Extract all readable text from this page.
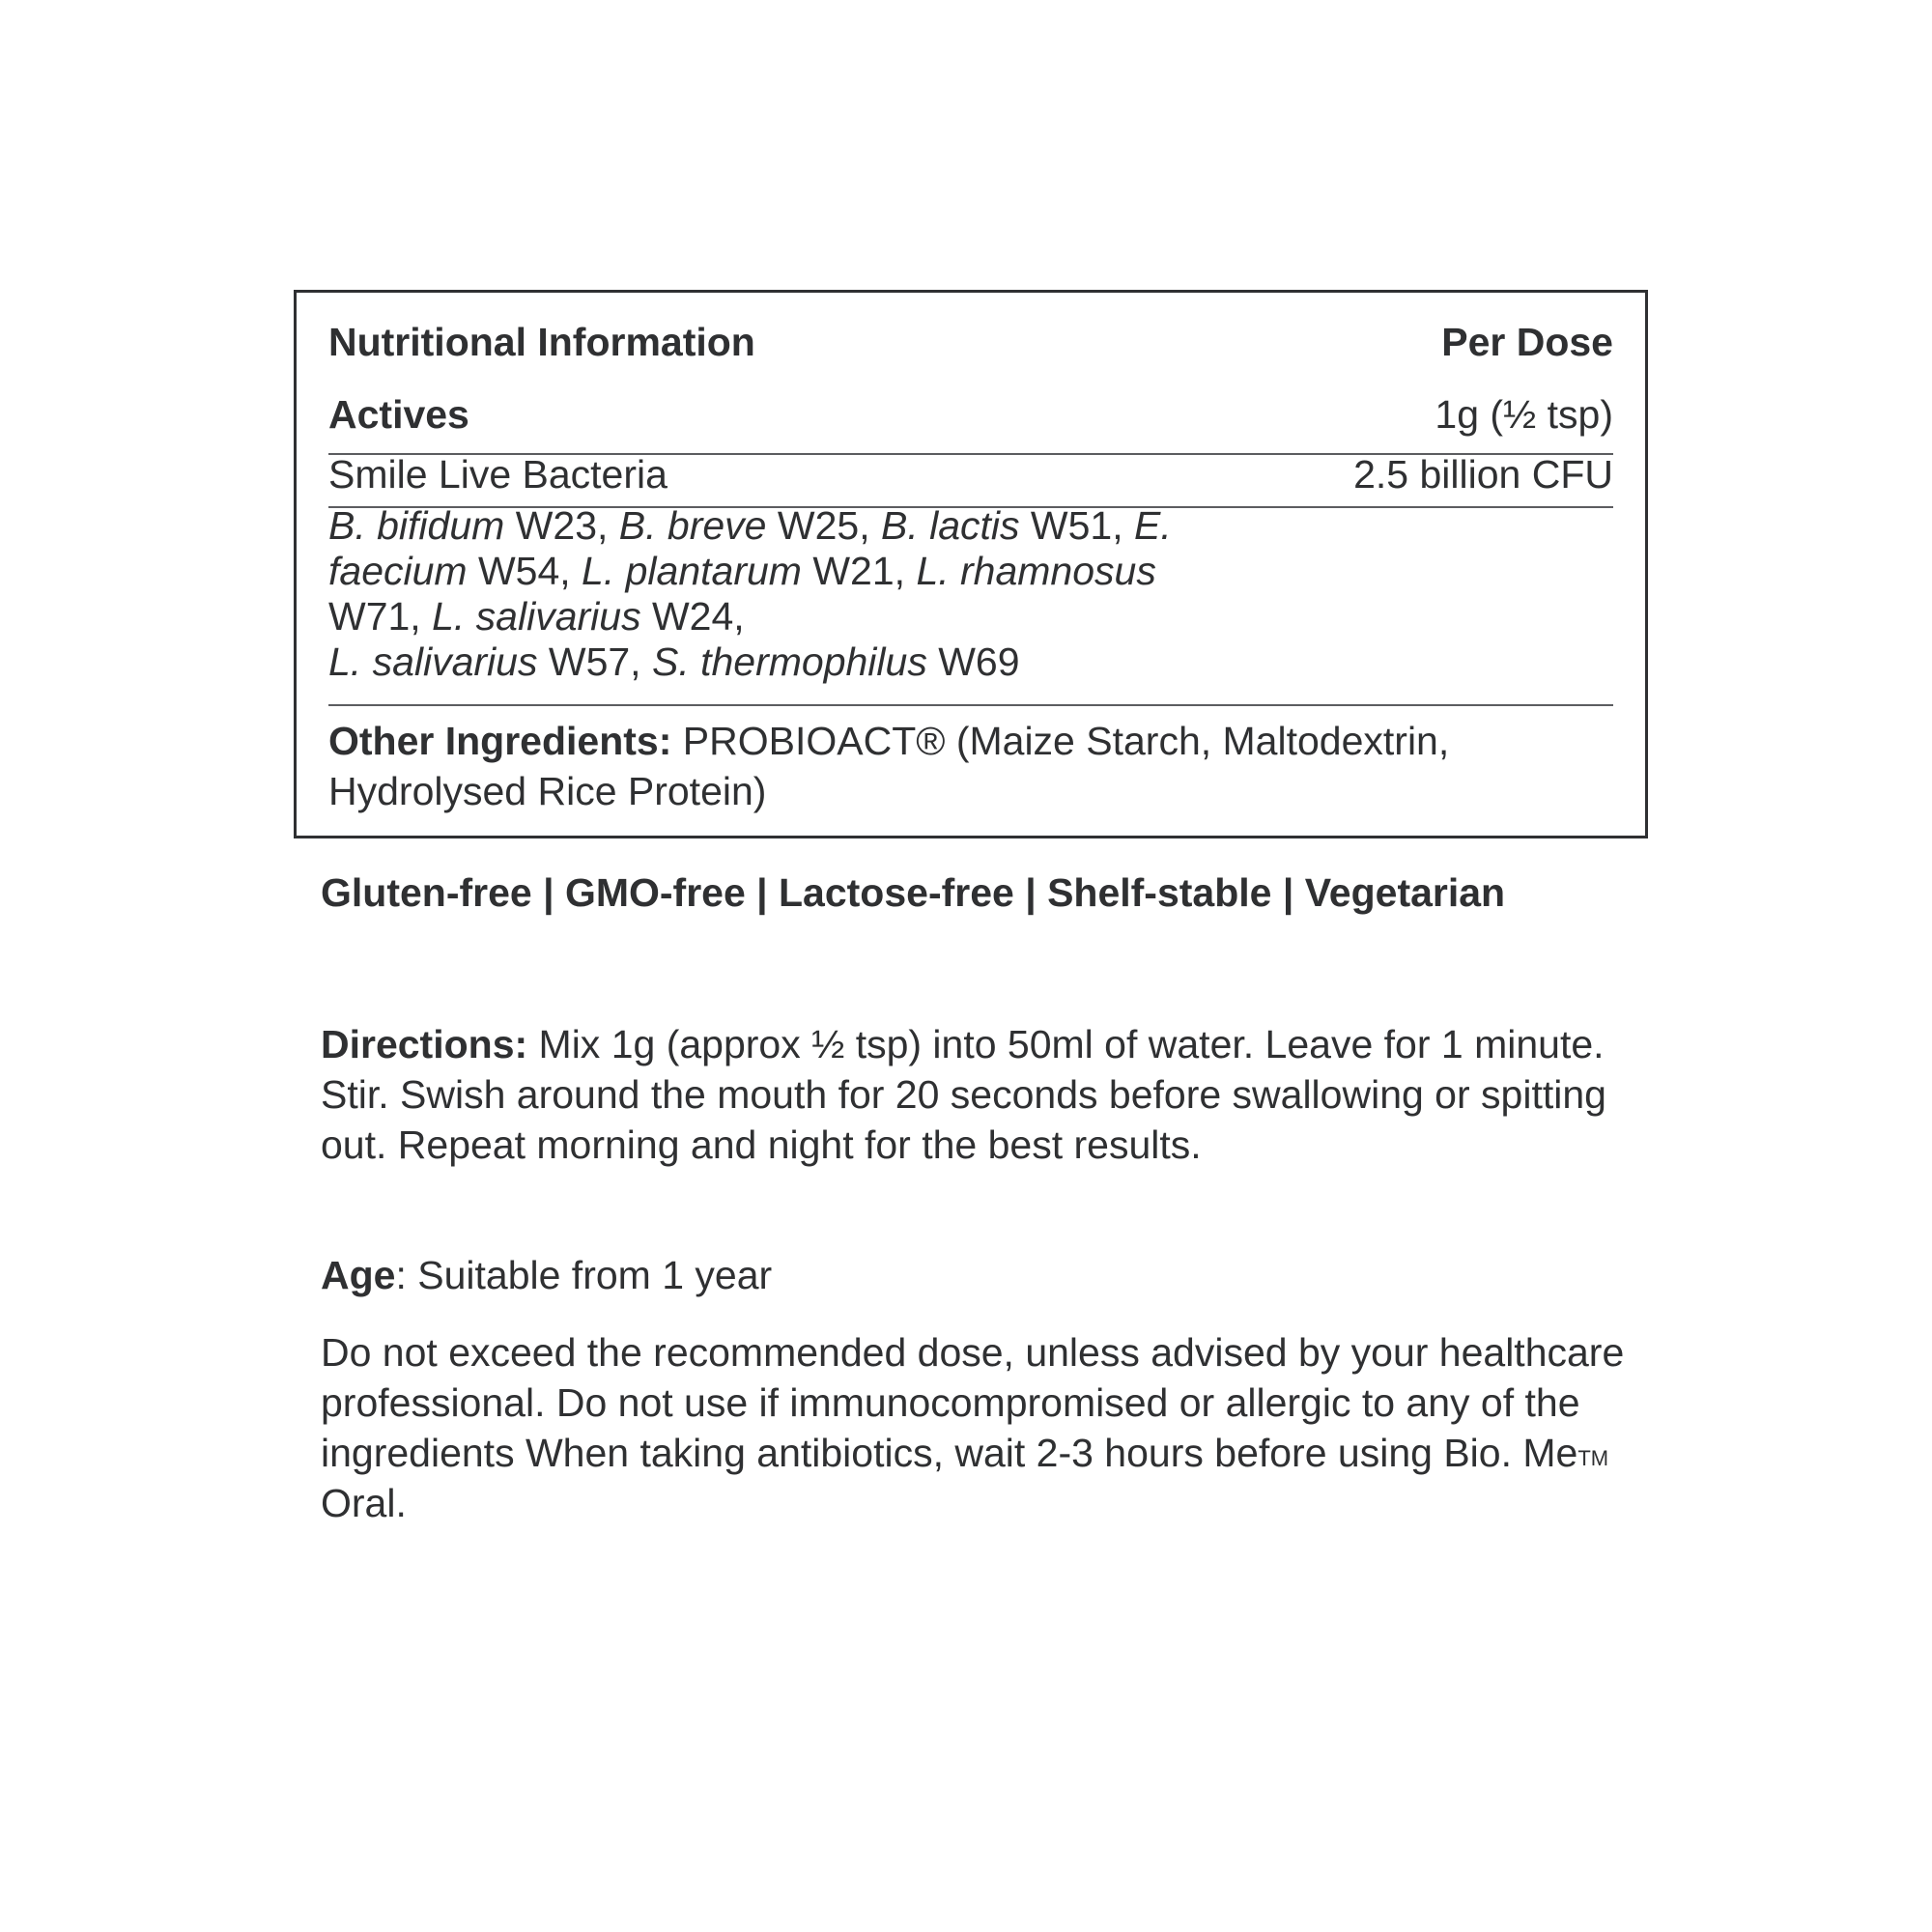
Nutritional Information	Per Dose
Actives	1g (½ tsp)
Smile Live Bacteria	2.5 billion CFU
B. bifidum W23, B. breve W25, B. lactis W51, E. faecium W54, L. plantarum W21, L. rhamnosus W71, L. salivarius W24,
L. salivarius W57, S. thermophilus W69
Other Ingredients: PROBIOACT® (Maize Starch, Maltodextrin, Hydrolysed Rice Protein)
Gluten-free | GMO-free | Lactose-free | Shelf-stable | Vegetarian
Directions: Mix 1g (approx ½ tsp) into 50ml of water. Leave for 1 minute. Stir. Swish around the mouth for 20 seconds before swallowing or spitting out. Repeat morning and night for the best results.
Age: Suitable from 1 year
Do not exceed the recommended dose, unless advised by your healthcare professional. Do not use if immunocompromised or allergic to any of the ingredients When taking antibiotics, wait 2-3 hours before using Bio. Me™ Oral.
